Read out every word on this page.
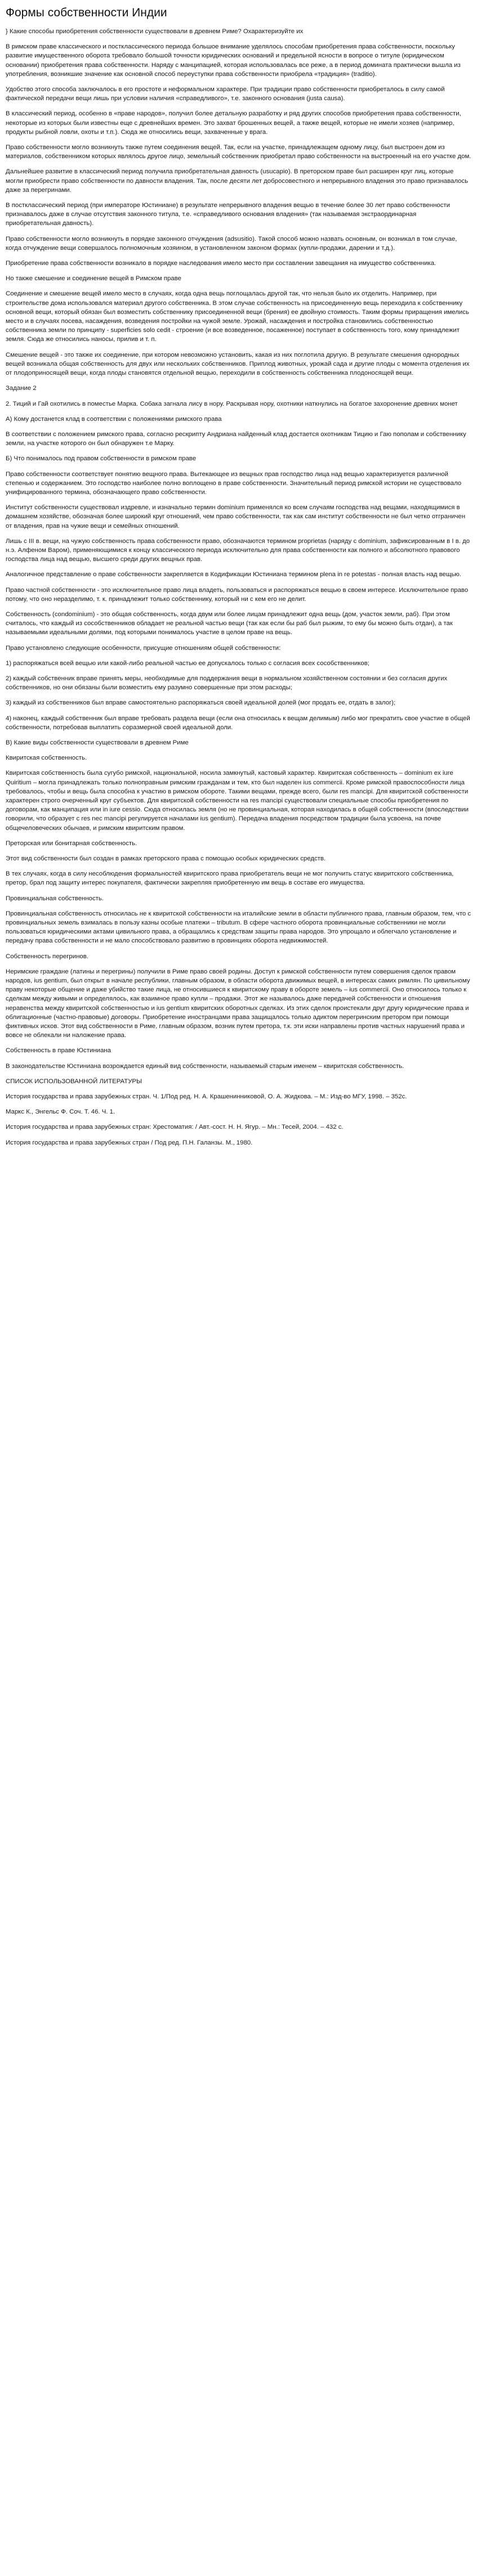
Формы собственности Индии

} Какие способы приобретения собственности существовали в древнем Риме? Охарактеризуйте их

В римском праве классического и постклассического периода большое внимание уделялось способам приобретения права собственности, поскольку развитие имущественного оборота требовало большой точности юридических оснований и предельной ясности в вопросе о титуле (юридическом основании) приобретения права собственности. Наряду с манципацией, которая использовалась все реже, а в период домината практически вышла из употребления, возникшие значение как основной способ переуступки права собственности приобрела «традиция» (traditio).

Удобство этого способа заключалось в его простоте и неформальном характере. При традиции право собственности приобреталось в силу самой фактической передачи вещи лишь при условии наличия «справедливого», т.е. законного основания (justa causa).

В классический период, особенно в «праве народов», получил более детальную разработку и ряд других способов приобретения права собственности, некоторые из которых были известны еще с древнейших времен. Это захват брошенных вещей, а также вещей, которые не имели хозяев (например, продукты рыбной ловли, охоты и т.п.). Сюда же относились вещи, захваченные у врага.

Право собственности могло возникнуть также путем соединения вещей. Так, если на участке, принадлежащем одному лицу, был выстроен дом из материалов, собственником которых являлось другое лицо, земельный собственник приобретал право собственности на выстроенный на его участке дом.

Дальнейшее развитие в классический период получила приобретательная давность (usucapio). В преторском праве был расширен круг лиц, которые могли приобрести право собственности по давности владения. Так, после десяти лет добросовестного и непрерывного владения это право признавалось даже за перегринами.

В постклассический период (при императоре Юстиниане) в результате непрерывного владения вещью в течение более 30 лет право собственности признавалось даже в случае отсутствия законного титула, т.е. «справедливого основания владения» (так называемая экстраординарная приобретательная давность).

Право собственности могло возникнуть в порядке законного отчуждения (adsusitio). Такой способ можно назвать основным, он возникал в том случае, когда отчуждение вещи совершалось полномочным хозяином, в установленном законом формах (купли-продажи, дарении и т.д.).

Приобретение права собственности возникало в порядке наследования имело место при составлении завещания на имущество собственника.

Но также смешение и соединение вещей в Римском праве

Соединение и смешение вещей имело место в случаях, когда одна вещь поглощалась другой так, что нельзя было их отделить. Например, при строительстве дома использовался материал другого собственника. В этом случае собственность на присоединенную вещь переходила к собственнику основной вещи, который обязан был возместить собственнику присоединенной вещи (брения) ее двойную стоимость. Таким формы приращения имелись место и в случаях посева, насаждения, возведения постройки на чужой земле. Урожай, насаждения и постройка становились собственностью собственника земли по принципу - superficies solo cedit - строение (и все возведенное, посаженное) поступает в собственность того, кому принадлежит земля. Сюда же относились наносы, прилив и т. п.

Смешение вещей - это также их соединение, при котором невозможно установить, какая из них поглотила другую. В результате смешения однородных вещей возникала общая собственность для двух или нескольких собственников. Приплод животных, урожай сада и другие плоды с момента отделения их от плодоприносящей вещи, когда плоды становятся отдельной вещью, переходили в собственность собственника плодоносящей вещи.

Задание 2

2. Тиций и Гай охотились в поместье Марка. Собака загнала лису в нору. Раскрывая нору, охотники наткнулись на богатое захоронение древних монет

А) Кому достанется клад в соответствии с положениями римского права

В соответствии с положением римского права, согласно рескрипту Андриана найденный клад достается охотникам Тицию и Гаю пополам и собственнику земли, на участке которого он был обнаружен т.е Марку.

Б) Что понималось под правом собственности в римском праве

Право собственности соответствует понятию вещного права. Вытекающее из вещных прав господство лица над вещью характеризуется различной степенью и содержанием. Это господство наиболее полно воплощено в праве собственности. Значительный период римской истории не существовало унифицированного термина, обозначающего право собственности.

Институт собственности существовал издревле, и изначально термин dominium применялся ко всем случаям господства над вещами, находящимися в домашнем хозяйстве, обозначая более широкий круг отношений, чем право собственности, так как сам институт собственности не был четко отграничен от владения, прав на чужие вещи и семейных отношений.

Лишь с III в. вещи, на чужую собственность права собственности право, обозначаются термином proprietas (наряду с dominium, зафиксированным в I в. до н.э. Алфеном Варом), применяющимися к концу классического периода исключительно для права собственности как полного и абсолютного правового господства лица над вещью, высшего среди других вещных прав.

Аналогичное представление о праве собственности закрепляется в Кодификации Юстиниана термином plena in re potestas - полная власть над вещью.

Право частной собственности - это исключительное право лица владеть, пользоваться и распоряжаться вещью в своем интересе. Исключительное право потому, что оно неразделимо, т. к. принадлежит только собственнику, который ни с кем его не делит.

Собственность (condominium) - это общая собственность, когда двум или более лицам принадлежит одна вещь (дом, участок земли, раб). При этом считалось, что каждый из сособственников обладает не реальной частью вещи (так как если бы раб был рыжим, то ему бы можно быть отдан), а так называемыми идеальными долями, под которыми понималось участие в целом праве на вещь.

Право установлено следующие особенности, присущие отношениям общей собственности:

1) распоряжаться всей вещью или какой-либо реальной частью ее допускалось только с согласия всех сособственников;

2) каждый собственник вправе принять меры, необходимые для поддержания вещи в нормальном хозяйственном состоянии и без согласия других собственников, но они обязаны были возместить ему разумно совершенные при этом расходы;

3) каждый из собственников был вправе самостоятельно распоряжаться своей идеальной долей (мог продать ее, отдать в залог);

4) наконец, каждый собственник был вправе требовать раздела вещи (если она относилась к вещам делимым) либо мог прекратить свое участие в общей собственности, потребовав выплатить соразмерной своей идеальной доли.

В) Какие виды собственности существовали в древнем Риме

Квиритская собственность.

Квиритская собственность была сугубо римской, национальной, носила замкнутый, кастовый характер. Квиритская собственность – dominium ex iure Quiritium – могла принадлежать только полноправным римским гражданам и тем, кто был наделен ius commercii. Кроме римской правоспособности лица требовалось, чтобы и вещь была способна к участию в римском обороте. Такими вещами, прежде всего, были res mancipi. Для квиритской собственности характерен строго очерченный круг субъектов. Для квиритской собственности на res mancipi существовали специальные способы приобретения по договорам, как манципация или in iure cessio. Сюда относилась земля (но не провинциальная, которая находилась в общей собственности (впоследствии говорили, что образует с res nec mancipi регулируется началами ius gentium). Передача владения посредством традиции была усвоена, на почве общечеловеческих обычаев, и римским квиритским правом.

Преторская или бонитарная собственность.

Этот вид собственности был создан в рамках преторского права с помощью особых юридических средств.

В тех случаях, когда в силу несоблюдения формальностей квиритского права приобретатель вещи не мог получить статус квиритского собственника, претор, брал под защиту интерес покупателя, фактически закрепляя приобретенную им вещь в составе его имущества.

Провинциальная собственность.

Провинциальная собственность относилась не к квиритской собственности на италийские земли в области публичного права, главным образом, тем, что с провинциальных земель взималась в пользу казны особые платежи – tributum. В сфере частного оборота провинциальные собственники не могли пользоваться юридическими актами цивильного права, а обращались к средствам защиты права народов. Это упрощало и облегчало установление и передачу права собственности и не мало способствовало развитию в провинциях оборота недвижимостей.

Собственность перегринов.

Неримские граждане (латины и перегрины) получили в Риме право своей родины. Доступ к римской собственности путем совершения сделок правом народов, ius gentium, был открыт в начале республики, главным образом, в области оборота движимых вещей, в интересах самих римлян. По цивильному праву некоторые общение и даже убийство такие лица, не относившиеся к квиритскому праву в обороте земель – ius commercii. Оно относилось только к сделкам между живыми и определялось, как взаимное право купли – продажи. Этот же называлось даже передачей собственности и отношения неравенства между квиритской собственностью и ius gentium квиритских оборотных сделках. Из этих сделок проистекали друг другу юридические права и облигационные (частно-правовые) договоры. Приобретение иностранцами права защищалось только адиктом перегринским претором при помощи фиктивных исков. Этот вид собственности в Риме, главным образом, возник путем претора, т.к. эти иски направлены против частных нарушений права и вовсе не облекали ни наложение права.

Собственность в праве Юстиниана

В законодательстве Юстиниана возрождается единый вид собственности, называемый старым именем – квиритская собственность.

СПИСОК ИСПОЛЬЗОВАННОЙ ЛИТЕРАТУРЫ

История государства и права зарубежных стран. Ч. 1/Под ред. Н. А. Крашенинниковой, О. А. Жидкова. – М.: Изд-во МГУ, 1998. – 352с.

Маркс К., Энгельс Ф. Соч. Т. 46. Ч. 1.

История государства и права зарубежных стран: Хрестоматия: / Авт.-сост. Н. Н. Ягур. – Мн.: Тесей, 2004. – 432 с.

История государства и права зарубежных стран / Под ред. П.Н. Галанзы. М., 1980.
